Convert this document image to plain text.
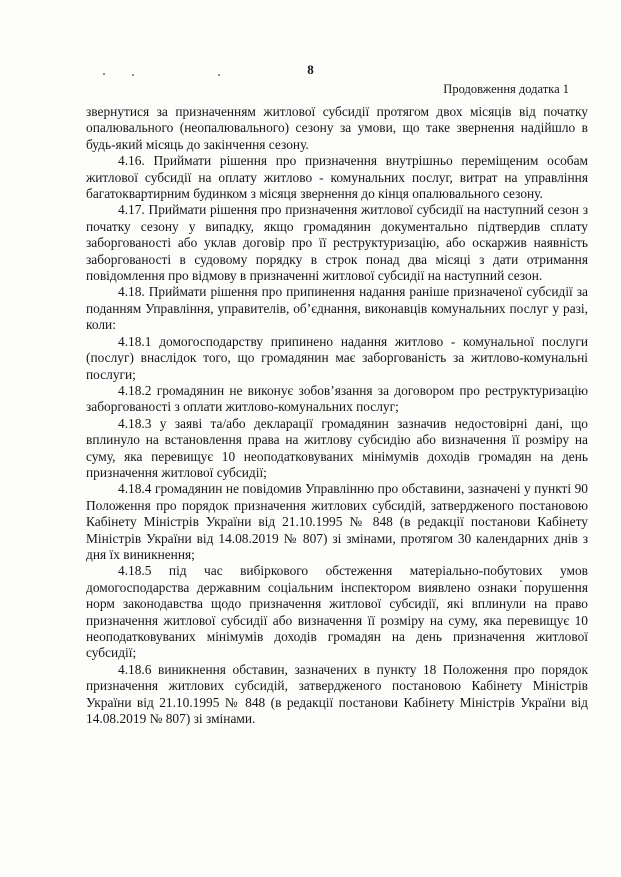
8
Продовження додатка 1

звернутися за призначенням житлової субсидії протягом двох місяців від початку опалювального (неопалювального) сезону за умови, що таке звернення надійшло в будь-який місяць до закінчення сезону.

4.16. Приймати рішення про призначення внутрішньо переміщеним особам житлової субсидії на оплату житлово - комунальних послуг, витрат на управління багатоквартирним будинком з місяця звернення до кінця опалювального сезону.

4.17. Приймати рішення про призначення житлової субсидії на наступний сезон з початку сезону у випадку, якщо громадянин документально підтвердив сплату заборгованості або уклав договір про її реструктуризацію, або оскаржив наявність заборгованості в судовому порядку в строк понад два місяці з дати отримання повідомлення про відмову в призначенні житлової субсидії на наступний сезон.

4.18. Приймати рішення про припинення надання раніше призначеної субсидії за поданням Управління, управителів, об’єднання, виконавців комунальних послуг у разі, коли:

4.18.1 домогосподарству припинено надання житлово - комунальної послуги (послуг) внаслідок того, що громадянин має заборгованість за житлово-комунальні послуги;

4.18.2 громадянин не виконує зобов’язання за договором про реструктуризацію заборгованості з оплати житлово-комунальних послуг;

4.18.3 у заяві та/або декларації громадянин зазначив недостовірні дані, що вплинуло на встановлення права на житлову субсидію або визначення її розміру на суму, яка перевищує 10 неоподатковуваних мінімумів доходів громадян на день призначення житлової субсидії;

4.18.4 громадянин не повідомив Управлінню про обставини, зазначені у пункті 90 Положення про порядок призначення житлових субсидій, затвердженого постановою Кабінету Міністрів України від 21.10.1995 № 848 (в редакції постанови Кабінету Міністрів України від 14.08.2019 № 807) зі змінами, протягом 30 календарних днів з дня їх виникнення;

4.18.5 під час вибіркового обстеження матеріально-побутових умов домогосподарства державним соціальним інспектором виявлено ознаки порушення норм законодавства щодо призначення житлової субсидії, які вплинули на право призначення житлової субсидії або визначення її розміру на суму, яка перевищує 10 неоподатковуваних мінімумів доходів громадян на день призначення житлової субсидії;

4.18.6 виникнення обставин, зазначених в пункту 18 Положення про порядок призначення житлових субсидій, затвердженого постановою Кабінету Міністрів України від 21.10.1995 № 848 (в редакції постанови Кабінету Міністрів України від 14.08.2019 № 807) зі змінами.
